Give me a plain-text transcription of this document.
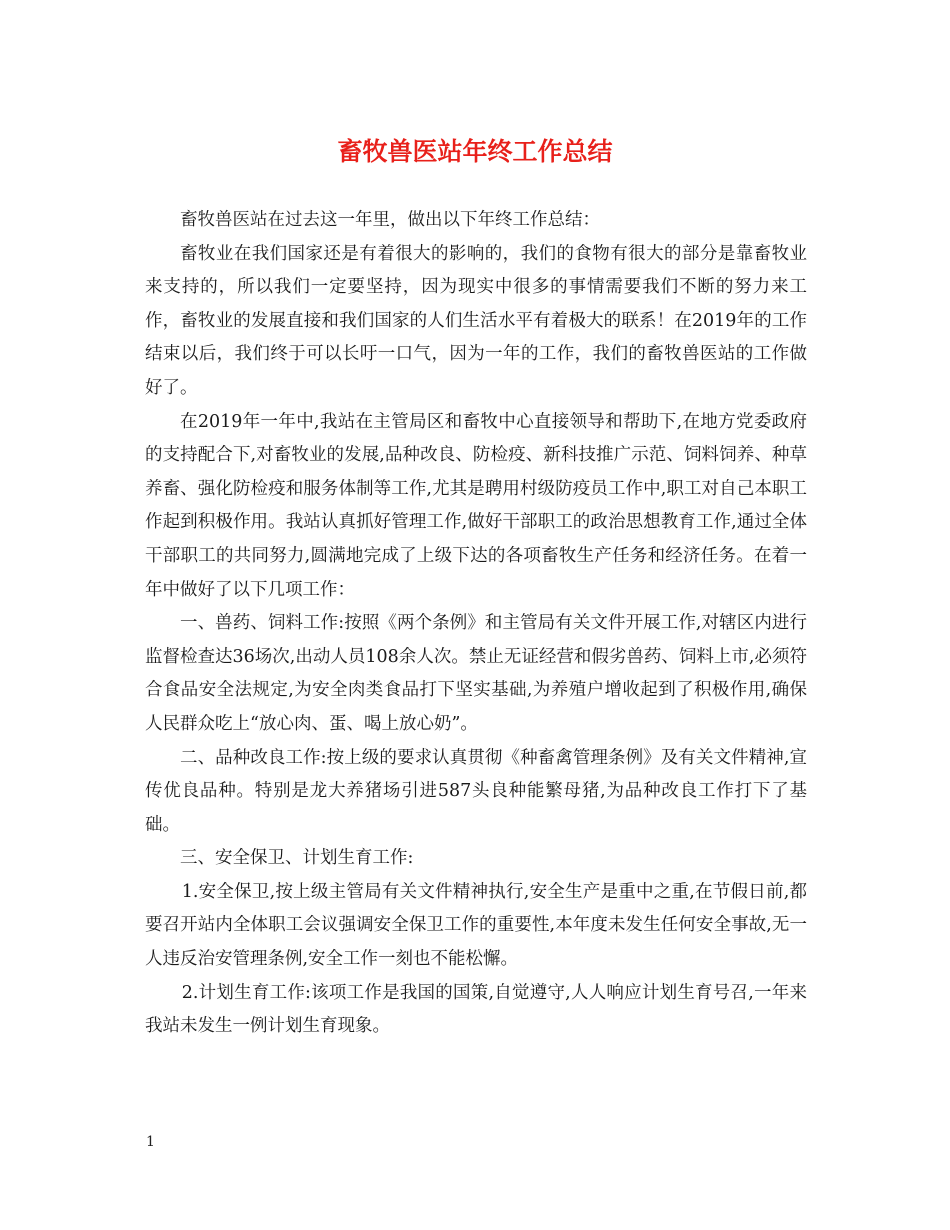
畜牧兽医站年终工作总结

畜牧兽医站在过去这一年里，做出以下年终工作总结：

畜牧业在我们国家还是有着很大的影响的，我们的食物有很大的部分是靠畜牧业来支持的，所以我们一定要坚持，因为现实中很多的事情需要我们不断的努力来工作，畜牧业的发展直接和我们国家的人们生活水平有着极大的联系！在2019年的工作结束以后，我们终于可以长吁一口气，因为一年的工作，我们的畜牧兽医站的工作做好了。

在2019年一年中,我站在主管局区和畜牧中心直接领导和帮助下,在地方党委政府的支持配合下,对畜牧业的发展,品种改良、防检疫、新科技推广示范、饲料饲养、种草养畜、强化防检疫和服务体制等工作,尤其是聘用村级防疫员工作中,职工对自己本职工作起到积极作用。我站认真抓好管理工作,做好干部职工的政治思想教育工作,通过全体干部职工的共同努力,圆满地完成了上级下达的各项畜牧生产任务和经济任务。在着一年中做好了以下几项工作：

一、兽药、饲料工作:按照《两个条例》和主管局有关文件开展工作,对辖区内进行监督检查达36场次,出动人员108余人次。禁止无证经营和假劣兽药、饲料上市,必须符合食品安全法规定,为安全肉类食品打下坚实基础,为养殖户增收起到了积极作用,确保人民群众吃上“放心肉、蛋、喝上放心奶”。

二、品种改良工作:按上级的要求认真贯彻《种畜禽管理条例》及有关文件精神,宣传优良品种。特别是龙大养猪场引进587头良种能繁母猪,为品种改良工作打下了基础。

三、安全保卫、计划生育工作:

1.安全保卫,按上级主管局有关文件精神执行,安全生产是重中之重,在节假日前,都要召开站内全体职工会议强调安全保卫工作的重要性,本年度未发生任何安全事故,无一人违反治安管理条例,安全工作一刻也不能松懈。

2.计划生育工作:该项工作是我国的国策,自觉遵守,人人响应计划生育号召,一年来我站未发生一例计划生育现象。

1
